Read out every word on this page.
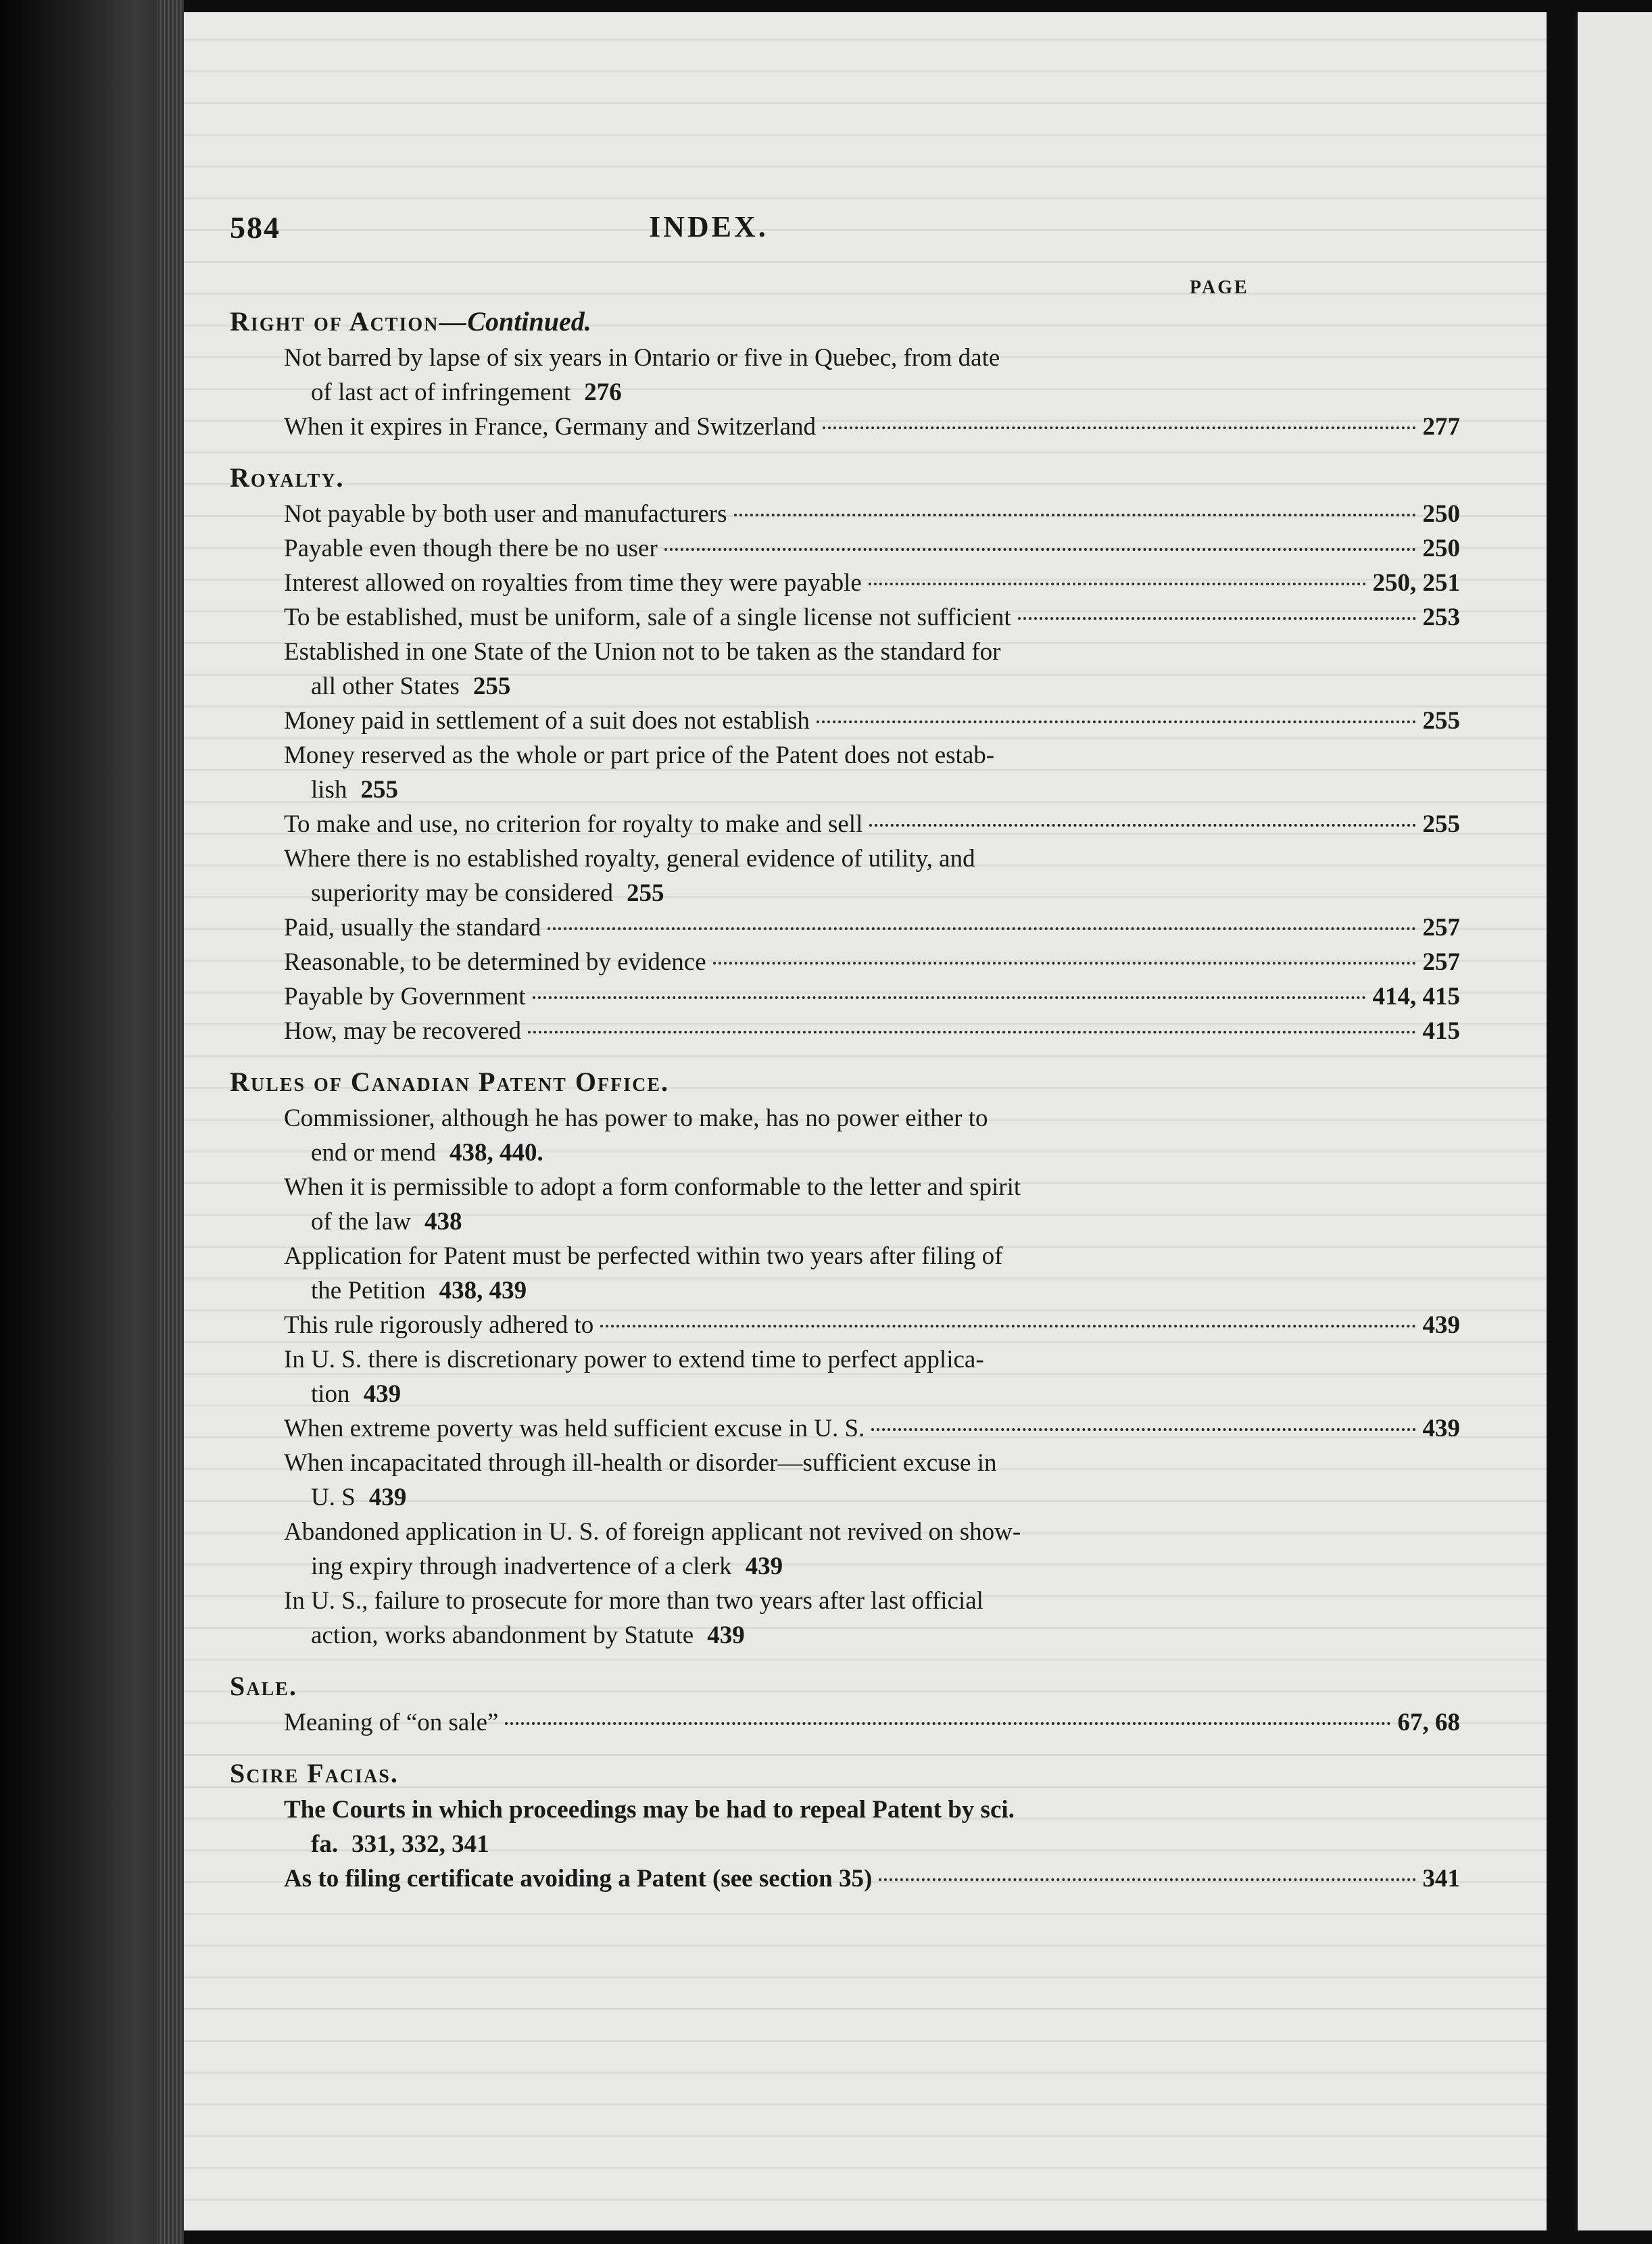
584	INDEX.
PAGE
Right of Action—Continued.
Not barred by lapse of six years in Ontario or five in Quebec, from date
of last act of infringement 276
When it expires in France, Germany and Switzerland	277
Royalty.
Not payable by both user and manufacturers	250
Payable even though there be no user	250
Interest allowed on royalties from time they were payable	250, 251
To be established, must be uniform, sale of a single license not sufficient	253
Established in one State of the Union not to be taken as the standard for
all other States 255
Money paid in settlement of a suit does not establish	255
Money reserved as the whole or part price of the Patent does not estab-
lish 255
To make and use, no criterion for royalty to make and sell	255
Where there is no established royalty, general evidence of utility, and
superiority may be considered 255
Paid, usually the standard	257
Reasonable, to be determined by evidence	257
Payable by Government	414, 415
How, may be recovered	415
Rules of Canadian Patent Office.
Commissioner, although he has power to make, has no power either to
end or mend 438, 440.
When it is permissible to adopt a form conformable to the letter and spirit
of the law 438
Application for Patent must be perfected within two years after filing of
the Petition 438, 439
This rule rigorously adhered to	439
In U. S. there is discretionary power to extend time to perfect applica-
tion 439
When extreme poverty was held sufficient excuse in U. S.	439
When incapacitated through ill-health or disorder—sufficient excuse in
U. S 439
Abandoned application in U. S. of foreign applicant not revived on show-
ing expiry through inadvertence of a clerk 439
In U. S., failure to prosecute for more than two years after last official
action, works abandonment by Statute 439
Sale.
Meaning of “on sale”	67, 68
Scire Facias.
The Courts in which proceedings may be had to repeal Patent by sci.
fa. 331, 332, 341
As to filing certificate avoiding a Patent (see section 35)	341
